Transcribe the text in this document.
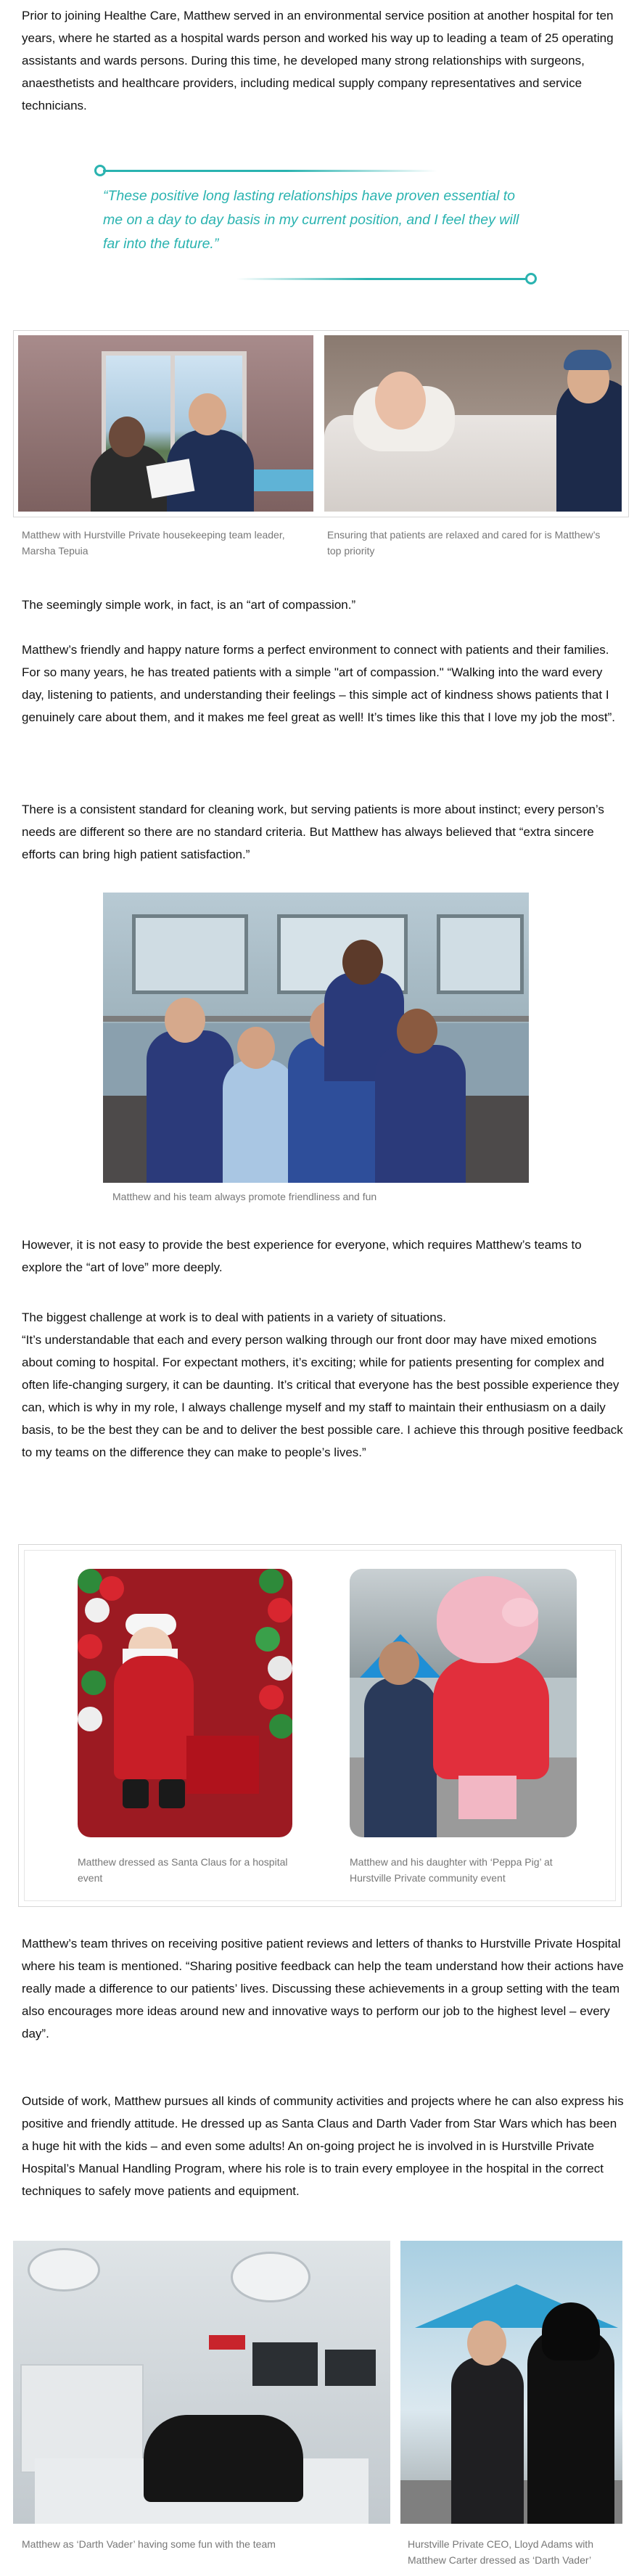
Prior to joining Healthe Care, Matthew served in an environmental service position at another hospital for ten years, where he started as a hospital wards person and worked his way up to leading a team of 25 operating assistants and wards persons. During this time, he developed many strong relationships with surgeons, anaesthetists and healthcare providers, including medical supply company representatives and service technicians.

“These positive long lasting relationships have proven essential to me on a day to day basis in my current position, and I feel they will far into the future.”

Matthew with Hurstville Private housekeeping team leader, Marsha Tepuia
Ensuring that patients are relaxed and cared for is Matthew’s top priority

The seemingly simple work, in fact, is an “art of compassion.”

Matthew’s friendly and happy nature forms a perfect environment to connect with patients and their families. For so many years, he has treated patients with a simple "art of compassion." “Walking into the ward every day, listening to patients, and understanding their feelings – this simple act of kindness shows patients that I genuinely care about them, and it makes me feel great as well! It’s times like this that I love my job the most”.

There is a consistent standard for cleaning work, but serving patients is more about instinct; every person’s needs are different so there are no standard criteria. But Matthew has always believed that “extra sincere efforts can bring high patient satisfaction.”

Matthew and his team always promote friendliness and fun

However, it is not easy to provide the best experience for everyone, which requires Matthew’s teams to explore the “art of love” more deeply.

The biggest challenge at work is to deal with patients in a variety of situations.

“It’s understandable that each and every person walking through our front door may have mixed emotions about coming to hospital. For expectant mothers, it’s exciting; while for patients presenting for complex and often life-changing surgery, it can be daunting. It’s critical that everyone has the best possible experience they can, which is why in my role, I always challenge myself and my staff to maintain their enthusiasm on a daily basis, to be the best they can be and to deliver the best possible care. I achieve this through positive feedback to my teams on the difference they can make to people’s lives.”

Matthew dressed as Santa Claus for a hospital event
Matthew and his daughter with ‘Peppa Pig’ at Hurstville Private community event

Matthew’s team thrives on receiving positive patient reviews and letters of thanks to Hurstville Private Hospital where his team is mentioned. “Sharing positive feedback can help the team understand how their actions have really made a difference to our patients’ lives. Discussing these achievements in a group setting with the team also encourages more ideas around new and innovative ways to perform our job to the highest level – every day”.

Outside of work, Matthew pursues all kinds of community activities and projects where he can also express his positive and friendly attitude. He dressed up as Santa Claus and Darth Vader from Star Wars which has been a huge hit with the kids – and even some adults! An on-going project he is involved in is Hurstville Private Hospital’s Manual Handling Program, where his role is to train every employee in the hospital in the correct techniques to safely move patients and equipment.

Matthew as ‘Darth Vader’ having some fun with the team	Hurstville Private CEO, Lloyd Adams with Matthew Carter dressed as ‘Darth Vader’
